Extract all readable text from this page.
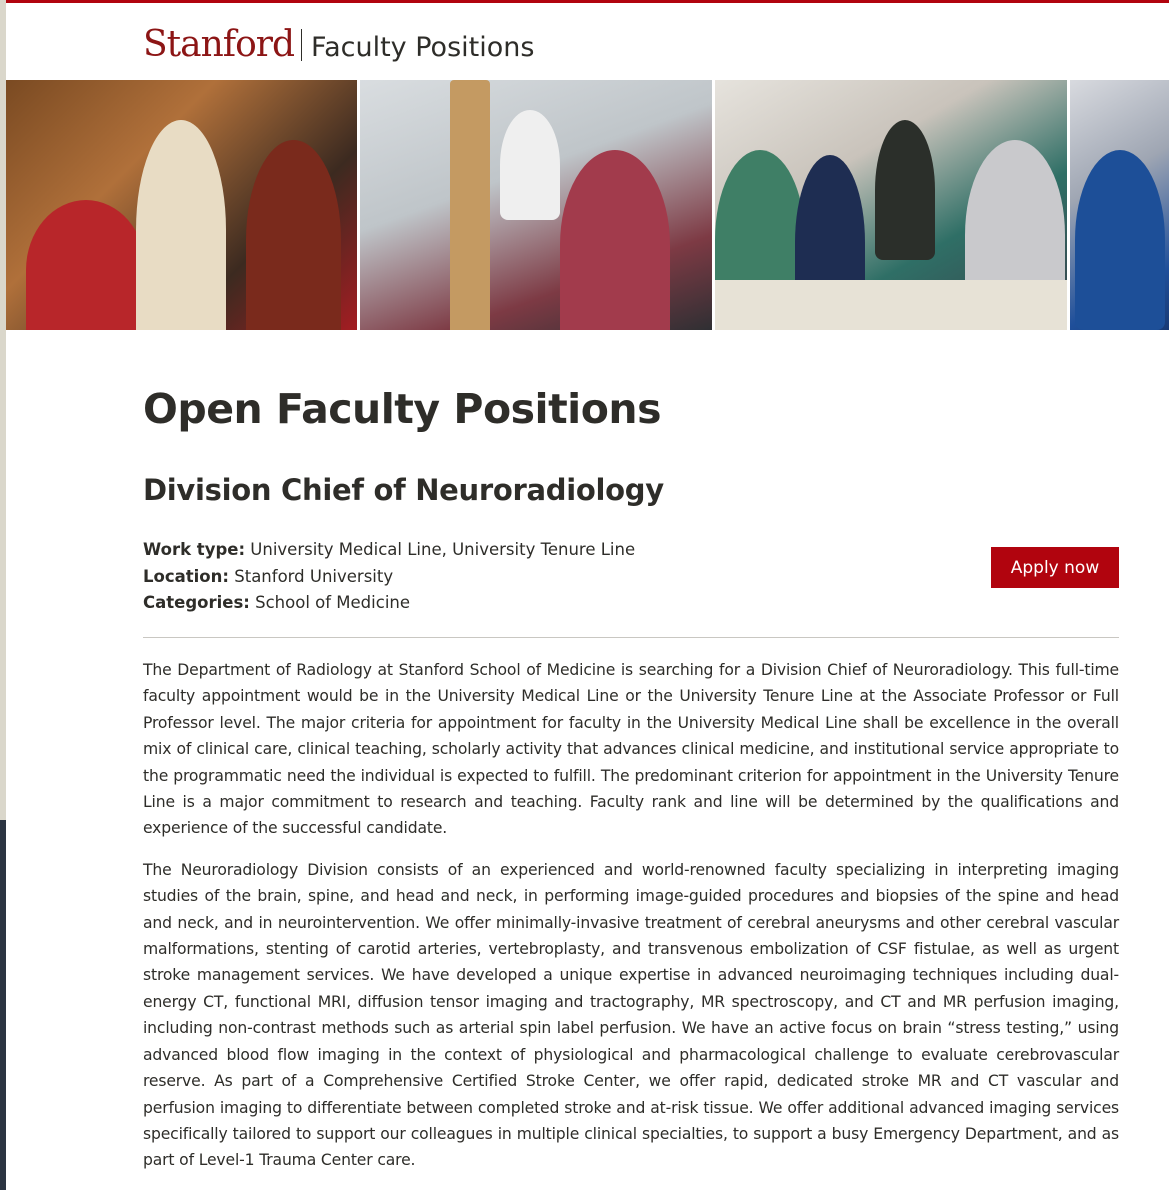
Stanford Faculty Positions
Open Faculty Positions
Division Chief of Neuroradiology
Work type: University Medical Line, University Tenure Line
Location: Stanford University
Categories: School of Medicine
Apply now

The Department of Radiology at Stanford School of Medicine is searching for a Division Chief of Neuroradiology. This full-time faculty appointment would be in the University Medical Line or the University Tenure Line at the Associate Professor or Full Professor level. The major criteria for appointment for faculty in the University Medical Line shall be excellence in the overall mix of clinical care, clinical teaching, scholarly activity that advances clinical medicine, and institutional service appropriate to the programmatic need the individual is expected to fulfill. The predominant criterion for appointment in the University Tenure Line is a major commitment to research and teaching. Faculty rank and line will be determined by the qualifications and experience of the successful candidate.

The Neuroradiology Division consists of an experienced and world-renowned faculty specializing in interpreting imaging studies of the brain, spine, and head and neck, in performing image-guided procedures and biopsies of the spine and head and neck, and in neurointervention. We offer minimally-invasive treatment of cerebral aneurysms and other cerebral vascular malformations, stenting of carotid arteries, vertebroplasty, and transvenous embolization of CSF fistulae, as well as urgent stroke management services. We have developed a unique expertise in advanced neuroimaging techniques including dual-energy CT, functional MRI, diffusion tensor imaging and tractography, MR spectroscopy, and CT and MR perfusion imaging, including non-contrast methods such as arterial spin label perfusion. We have an active focus on brain “stress testing,” using advanced blood flow imaging in the context of physiological and pharmacological challenge to evaluate cerebrovascular reserve. As part of a Comprehensive Certified Stroke Center, we offer rapid, dedicated stroke MR and CT vascular and perfusion imaging to differentiate between completed stroke and at-risk tissue. We offer additional advanced imaging services specifically tailored to support our colleagues in multiple clinical specialties, to support a busy Emergency Department, and as part of Level-1 Trauma Center care.
